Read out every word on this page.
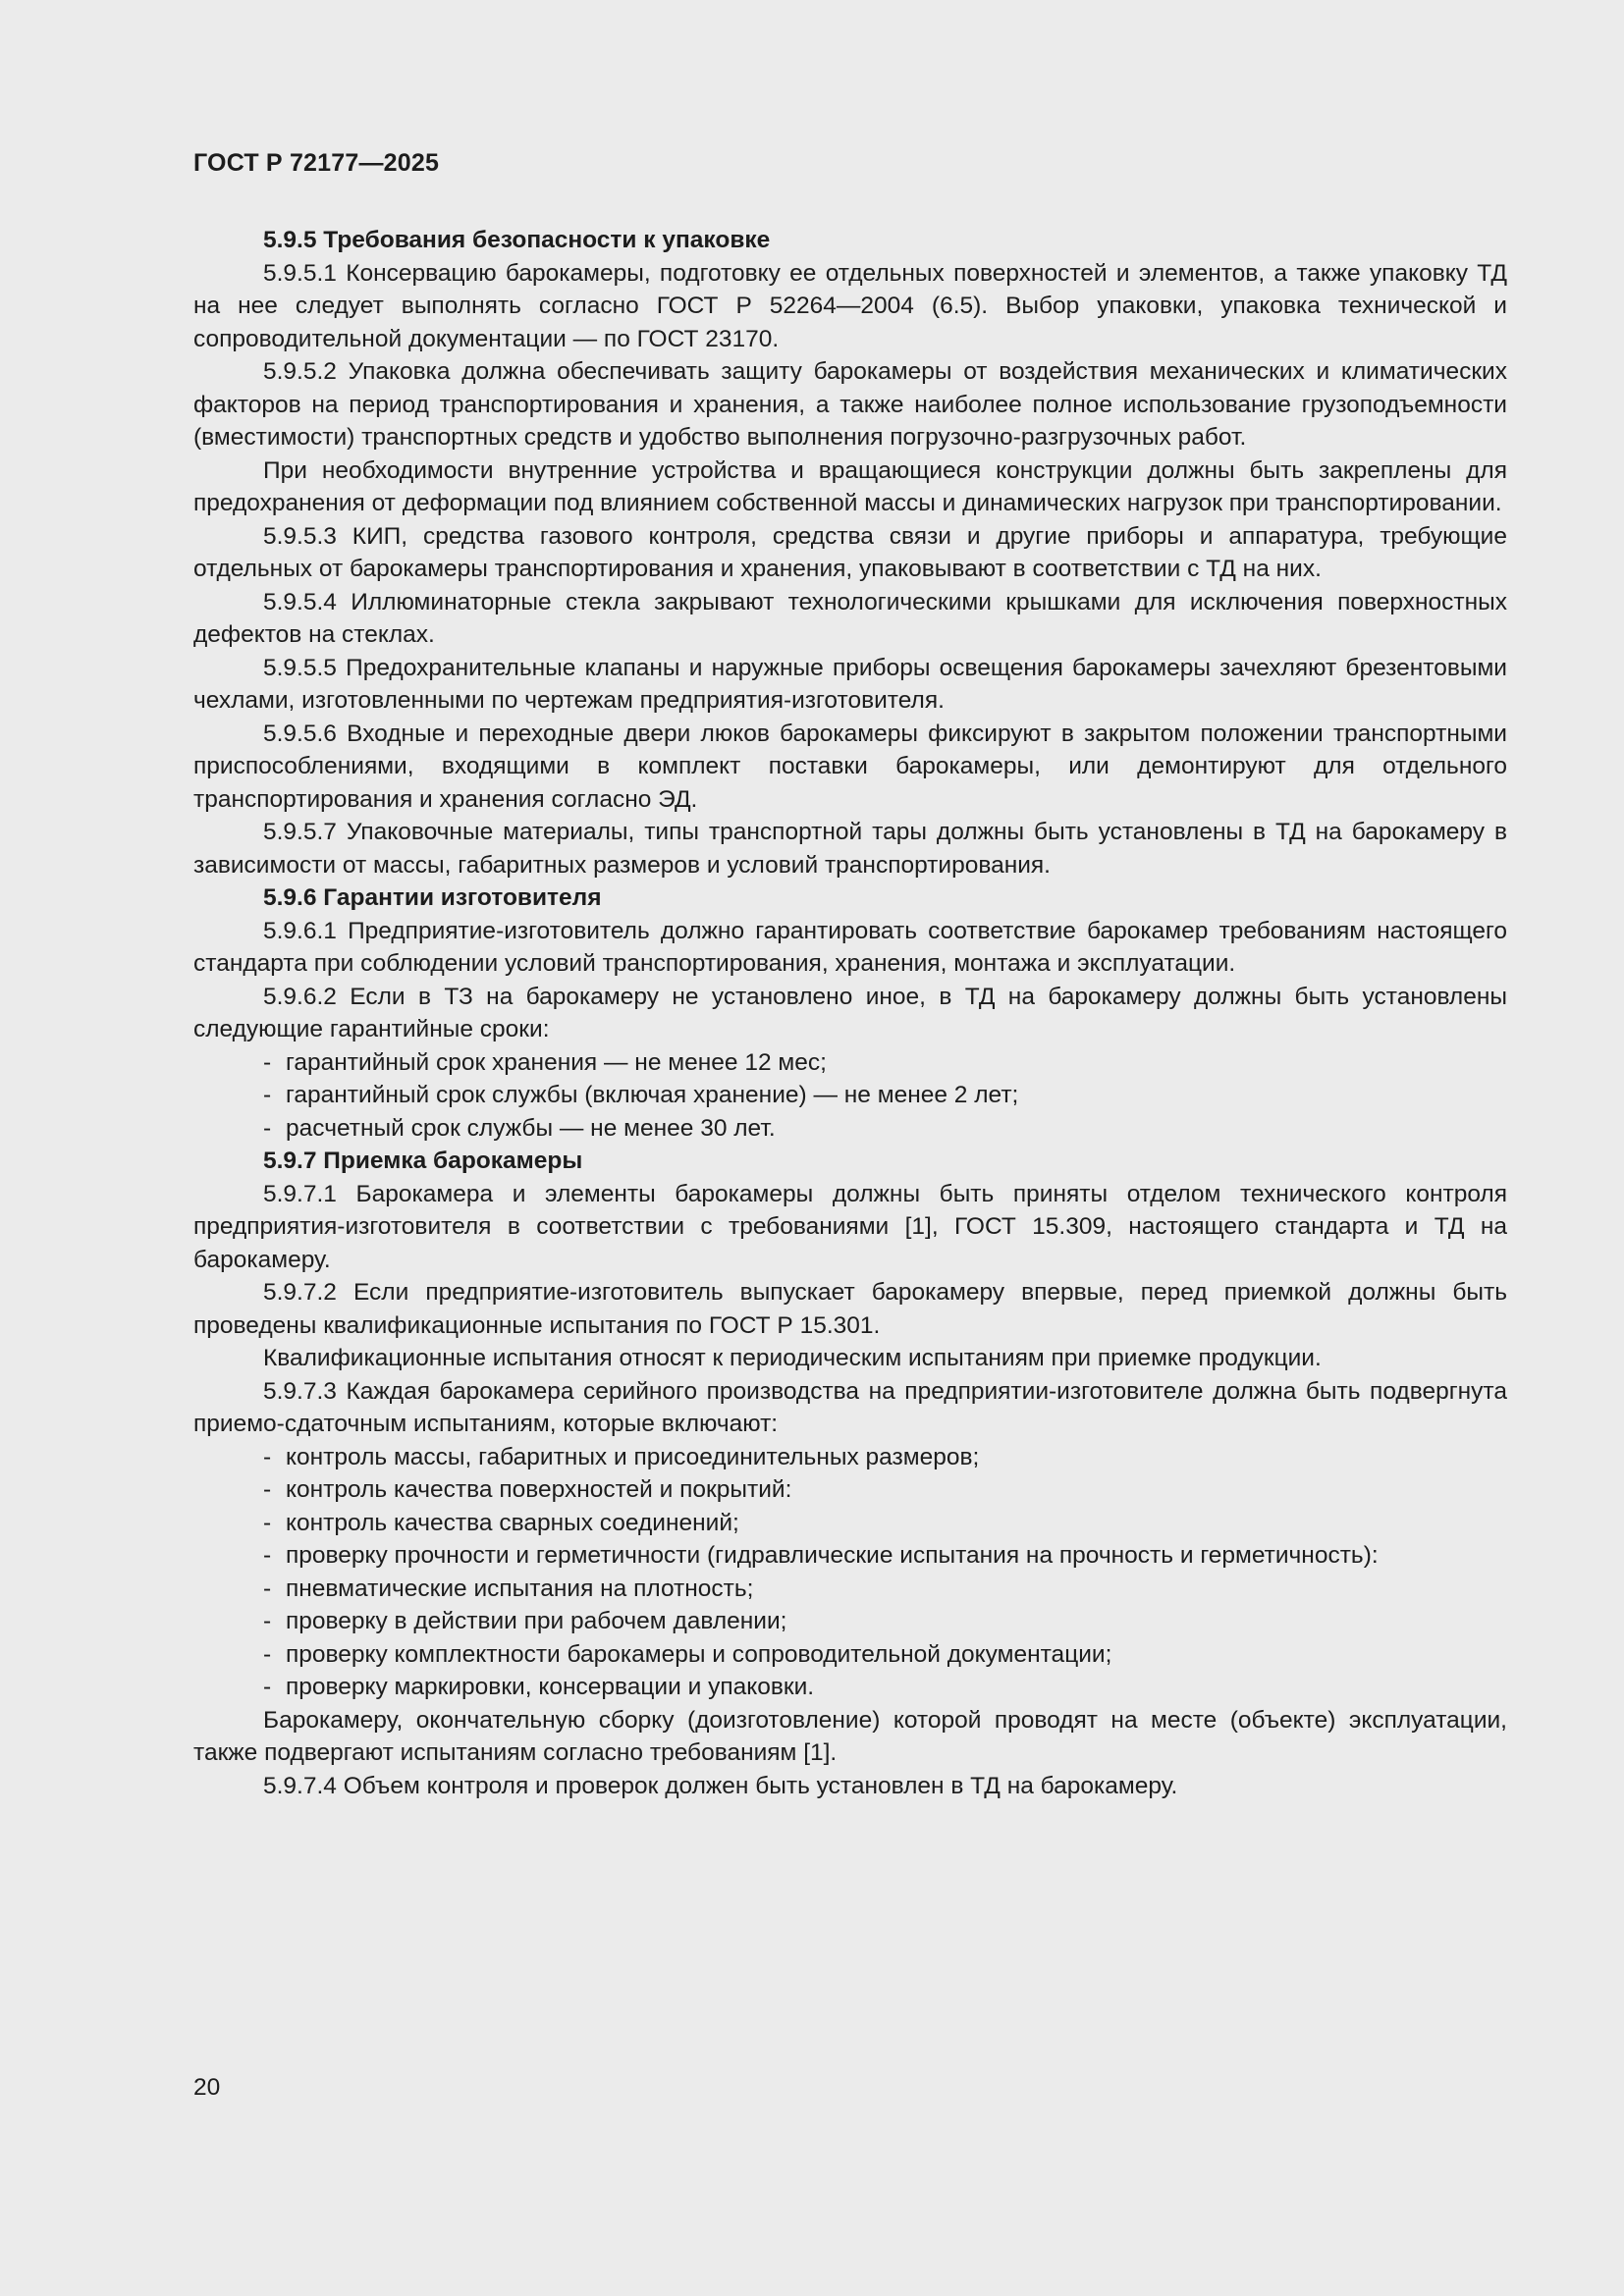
ГОСТ Р 72177—2025

5.9.5 Требования безопасности к упаковке

5.9.5.1 Консервацию барокамеры, подготовку ее отдельных поверхностей и элементов, а также упаковку ТД на нее следует выполнять согласно ГОСТ Р 52264—2004 (6.5). Выбор упаковки, упаковка технической и сопроводительной документации — по ГОСТ 23170.

5.9.5.2 Упаковка должна обеспечивать защиту барокамеры от воздействия механических и климатических факторов на период транспортирования и хранения, а также наиболее полное использование грузоподъемности (вместимости) транспортных средств и удобство выполнения погрузочно-разгрузочных работ.

При необходимости внутренние устройства и вращающиеся конструкции должны быть закреплены для предохранения от деформации под влиянием собственной массы и динамических нагрузок при транспортировании.

5.9.5.3 КИП, средства газового контроля, средства связи и другие приборы и аппаратура, требующие отдельных от барокамеры транспортирования и хранения, упаковывают в соответствии с ТД на них.

5.9.5.4 Иллюминаторные стекла закрывают технологическими крышками для исключения поверхностных дефектов на стеклах.

5.9.5.5 Предохранительные клапаны и наружные приборы освещения барокамеры зачехляют брезентовыми чехлами, изготовленными по чертежам предприятия-изготовителя.

5.9.5.6 Входные и переходные двери люков барокамеры фиксируют в закрытом положении транспортными приспособлениями, входящими в комплект поставки барокамеры, или демонтируют для отдельного транспортирования и хранения согласно ЭД.

5.9.5.7 Упаковочные материалы, типы транспортной тары должны быть установлены в ТД на барокамеру в зависимости от массы, габаритных размеров и условий транспортирования.

5.9.6 Гарантии изготовителя

5.9.6.1 Предприятие-изготовитель должно гарантировать соответствие барокамер требованиям настоящего стандарта при соблюдении условий транспортирования, хранения, монтажа и эксплуатации.

5.9.6.2 Если в ТЗ на барокамеру не установлено иное, в ТД на барокамеру должны быть установлены следующие гарантийные сроки:

- гарантийный срок хранения — не менее 12 мес;

- гарантийный срок службы (включая хранение) — не менее 2 лет;

- расчетный срок службы — не менее 30 лет.

5.9.7 Приемка барокамеры

5.9.7.1 Барокамера и элементы барокамеры должны быть приняты отделом технического контроля предприятия-изготовителя в соответствии с требованиями [1], ГОСТ 15.309, настоящего стандарта и ТД на барокамеру.

5.9.7.2 Если предприятие-изготовитель выпускает барокамеру впервые, перед приемкой должны быть проведены квалификационные испытания по ГОСТ Р 15.301.

Квалификационные испытания относят к периодическим испытаниям при приемке продукции.

5.9.7.3 Каждая барокамера серийного производства на предприятии-изготовителе должна быть подвергнута приемо-сдаточным испытаниям, которые включают:

- контроль массы, габаритных и присоединительных размеров;

- контроль качества поверхностей и покрытий:

- контроль качества сварных соединений;

- проверку прочности и герметичности (гидравлические испытания на прочность и герметичность):

- пневматические испытания на плотность;

- проверку в действии при рабочем давлении;

- проверку комплектности барокамеры и сопроводительной документации;

- проверку маркировки, консервации и упаковки.

Барокамеру, окончательную сборку (доизготовление) которой проводят на месте (объекте) эксплуатации, также подвергают испытаниям согласно требованиям [1].

5.9.7.4 Объем контроля и проверок должен быть установлен в ТД на барокамеру.

20
